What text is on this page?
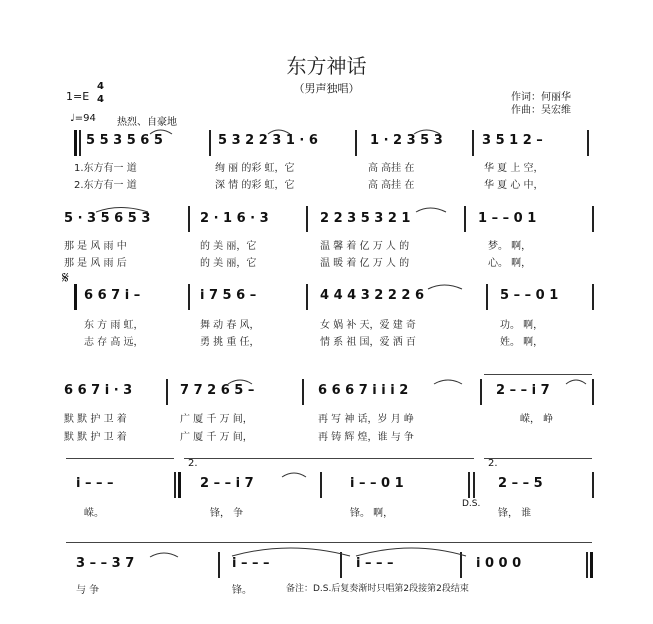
东方神话
（男声独唱）
作词：何丽华
作曲：吴宏维
1=E
4
4
♩=94 热烈、自豪地
5 5 3 5 6 5	5 3 2 2 3 1 · 6	1 · 2 3 5 3	3 5 1 2 –
1.东方有一 道	绚 丽 的彩 虹，它	高 高挂 在	华 夏 上 空，
2.东方有一 道	深 情 的彩 虹，它	高 高挂 在	华 夏 心 中，
5 · 3 5 6 5 3	2 · 1 6 · 3	2 2 3 5 3 2 1	1 – – 0 1
那 是 风 雨 中	的 美 丽，它	温 馨 着 亿 万 人 的	梦。 啊，
那 是 风 雨 后	的 美 丽，它	温 暖 着 亿 万 人 的	心。 啊，
𝄋
6 6 7 i –	i 7 5 6 –	4 4 4 3 2 2 2 6	5 – – 0 1
东 方 雨 虹，	舞 动 春 风，	女 娲 补 天，爱 建 奇	功。 啊，
志 存 高 远，	勇 挑 重 任，	情 系 祖 国，爱 洒 百	姓。 啊，
6 6 7 i · 3	7 7 2 6 5 –	6 6 6 7 i i i 2	2 – – i 7
默 默 护 卫 着	广 厦 千 万 间，	再 写 神 话，岁 月 峥	嵘， 峥
默 默 护 卫 着	广 厦 千 万 间，	再 铸 辉 煌，谁 与 争
2.	2.
i – – –	2 – – i 7	i – – 0 1	2 – – 5
D.S.
嵘。	锋， 争	锋。 啊，	锋， 谁
3 – – 3 7	i – – –	i – – –	i 0 0 0
与 争	锋。	备注：D.S.后复奏渐时只唱第2段接第2段结束
